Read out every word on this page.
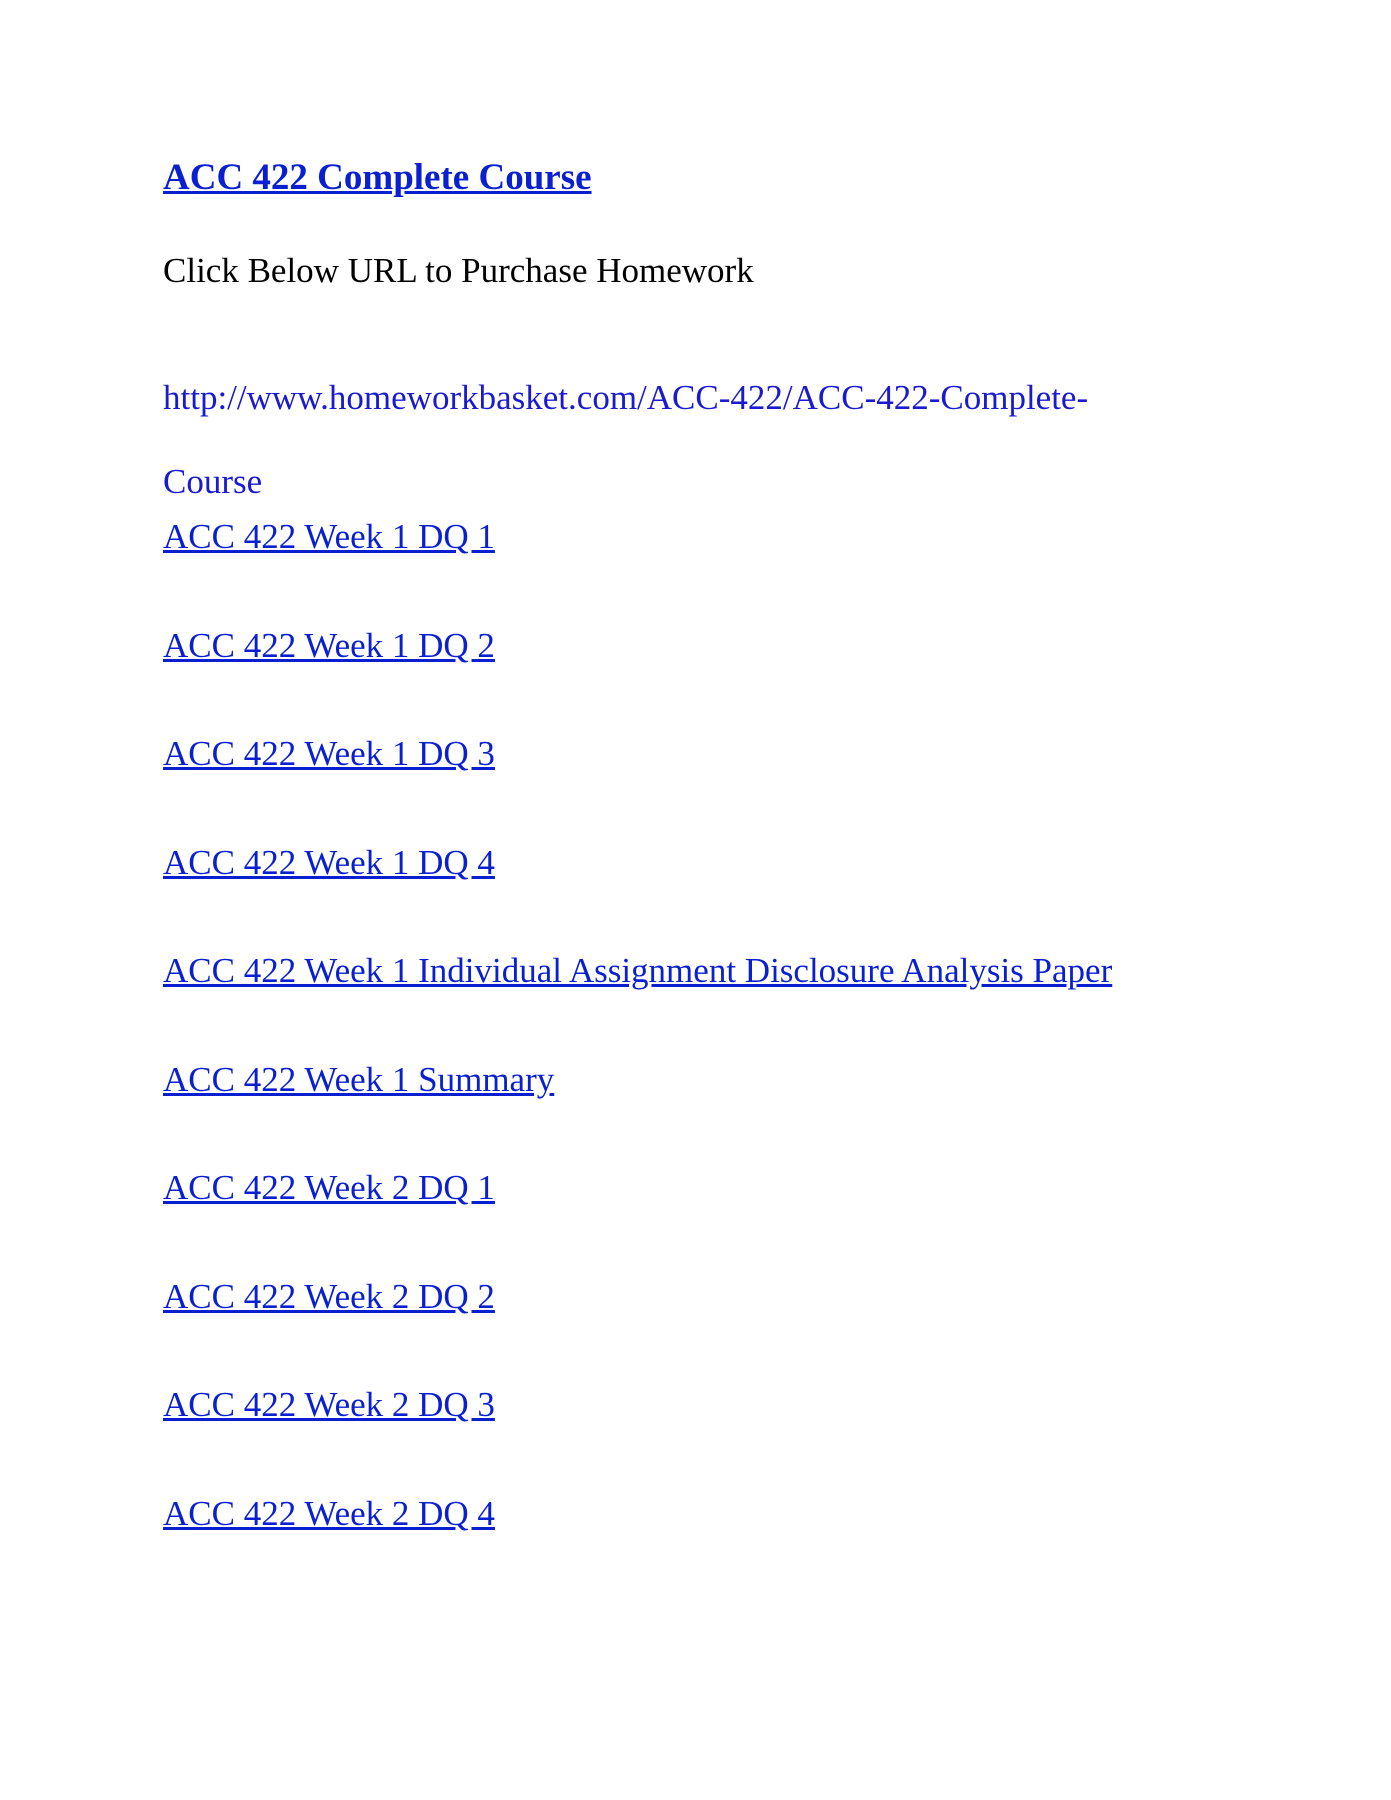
ACC 422 Complete Course

Click Below URL to Purchase Homework

http://www.homeworkbasket.com/ACC-422/ACC-422-Complete-
Course
ACC 422 Week 1 DQ 1
ACC 422 Week 1 DQ 2
ACC 422 Week 1 DQ 3
ACC 422 Week 1 DQ 4
ACC 422 Week 1 Individual Assignment Disclosure Analysis Paper
ACC 422 Week 1 Summary
ACC 422 Week 2 DQ 1
ACC 422 Week 2 DQ 2
ACC 422 Week 2 DQ 3
ACC 422 Week 2 DQ 4
